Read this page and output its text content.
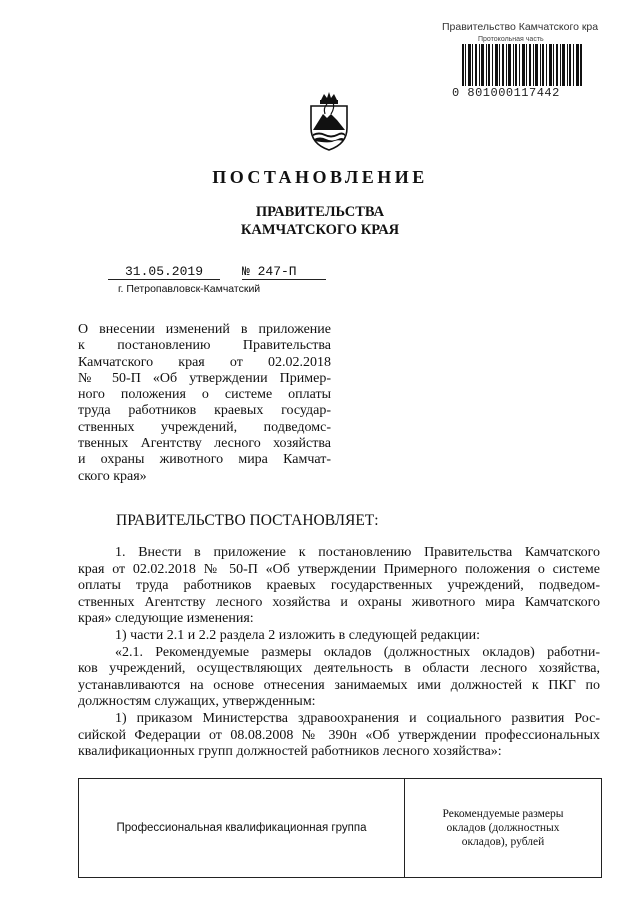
Правительство Камчатского кра
Протокольная часть
0 801000117442
ПОСТАНОВЛЕНИЕ
ПРАВИТЕЛЬСТВА
КАМЧАТСКОГО КРАЯ
31.05.2019	№ 247-П
г. Петропавловск-Камчатский
О внесении изменений в приложение
к постановлению Правительства
Камчатского края от 02.02.2018
№ 50-П «Об утверждении Пример-
ного положения о системе оплаты
труда работников краевых государ-
ственных учреждений, подведомс-
твенных Агентству лесного хозяйства
и охраны животного мира Камчат-
ского края»
ПРАВИТЕЛЬСТВО ПОСТАНОВЛЯЕТ:
1. Внести в приложение к постановлению Правительства Камчатского
края от 02.02.2018 № 50-П «Об утверждении Примерного положения о системе
оплаты труда работников краевых государственных учреждений, подведом-
ственных Агентству лесного хозяйства и охраны животного мира Камчатского
края» следующие изменения:
1) части 2.1 и 2.2 раздела 2 изложить в следующей редакции:
«2.1. Рекомендуемые размеры окладов (должностных окладов) работни-
ков учреждений, осуществляющих деятельность в области лесного хозяйства,
устанавливаются на основе отнесения занимаемых ими должностей к ПКГ по
должностям служащих, утвержденным:
1) приказом Министерства здравоохранения и социального развития Рос-
сийской Федерации от 08.08.2008 № 390н «Об утверждении профессиональных
квалификационных групп должностей работников лесного хозяйства»:
Профессиональная квалификационная группа
Рекомендуемые размеры
окладов (должностных
окладов), рублей
